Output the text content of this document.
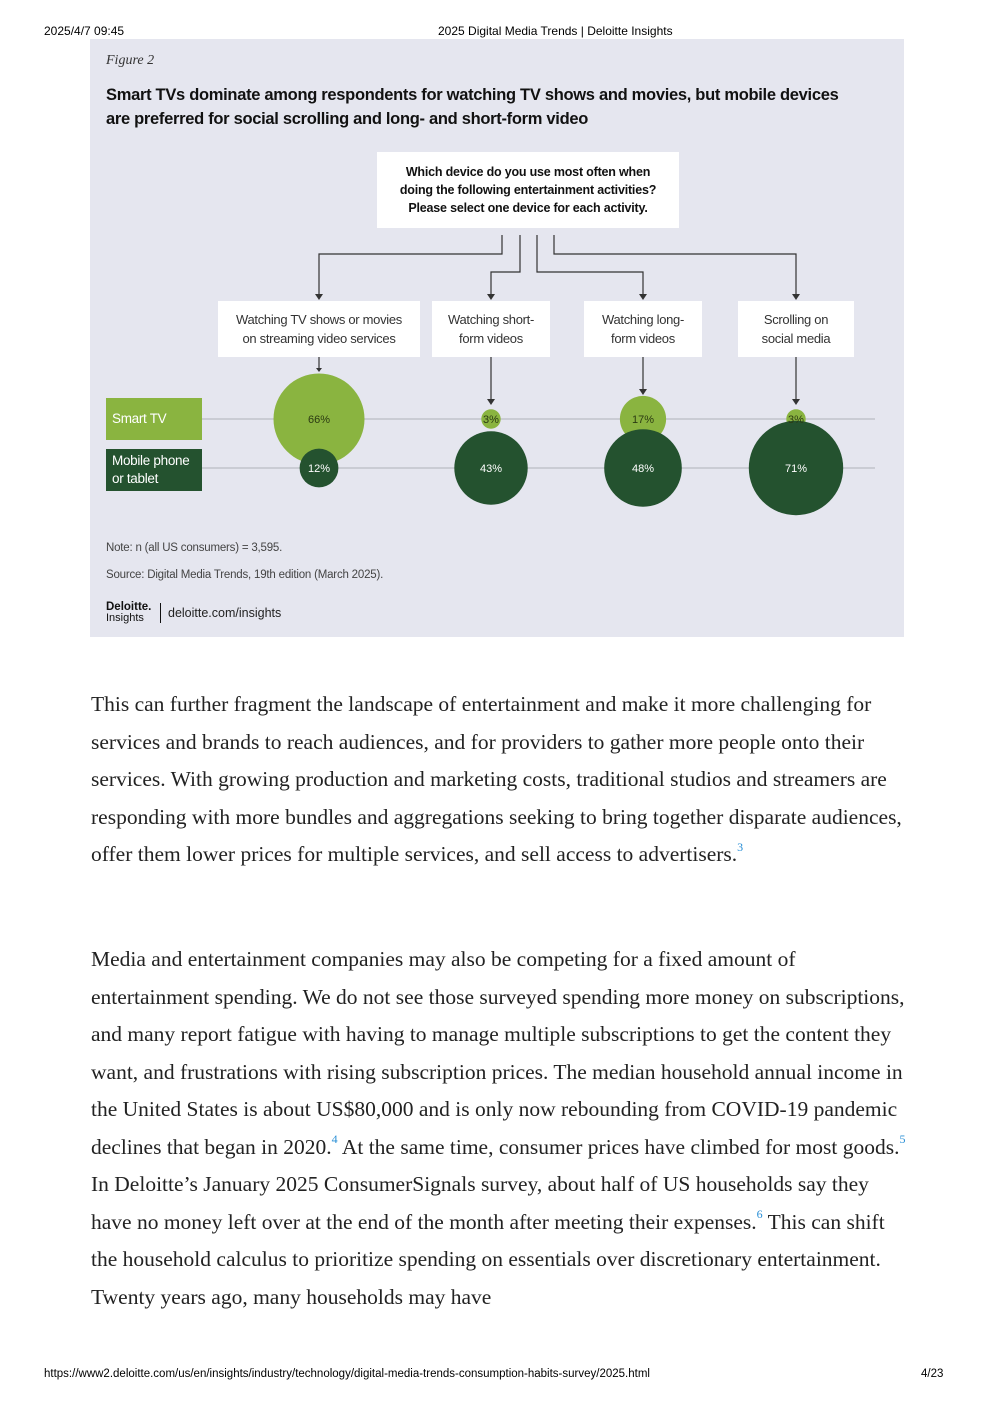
2025/4/7 09:45	2025 Digital Media Trends | Deloitte Insights
Figure 2
Smart TVs dominate among respondents for watching TV shows and movies, but mobile devices are preferred for social scrolling and long- and short-form video
66%	3%	17%	3%
12%	43%	48%	71%
Which device do you use most often when
doing the following entertainment activities?
Please select one device for each activity.
Watching TV shows or movies
on streaming video services
Watching short-
form videos
Watching long-
form videos
Scrolling on
social media
Smart TV
Mobile phone
or tablet
Note: n (all US consumers) = 3,595.
Source: Digital Media Trends, 19th edition (March 2025).
Deloitte.
Insights	deloitte.com/insights

This can further fragment the landscape of entertainment and make it more challenging for services and brands to reach audiences, and for providers to gather more people onto their services. With growing production and marketing costs, traditional studios and streamers are responding with more bundles and aggregations seeking to bring together disparate audiences, offer them lower prices for multiple services, and sell access to advertisers.$^3$

Media and entertainment companies may also be competing for a fixed amount of entertainment spending. We do not see those surveyed spending more money on subscriptions, and many report fatigue with having to manage multiple subscriptions to get the content they want, and frustrations with rising subscription prices. The median household annual income in the United States is about US$80,000 and is only now rebounding from COVID-19 pandemic declines that began in 2020.$^4$ At the same time, consumer prices have climbed for most goods.$^5$ In Deloitte’s January 2025 ConsumerSignals survey, about half of US households say they have no money left over at the end of the month after meeting their expenses.$^6$ This can shift the household calculus to prioritize spending on essentials over discretionary entertainment. Twenty years ago, many households may have

https://www2.deloitte.com/us/en/insights/industry/technology/digital-media-trends-consumption-habits-survey/2025.html	4/23
